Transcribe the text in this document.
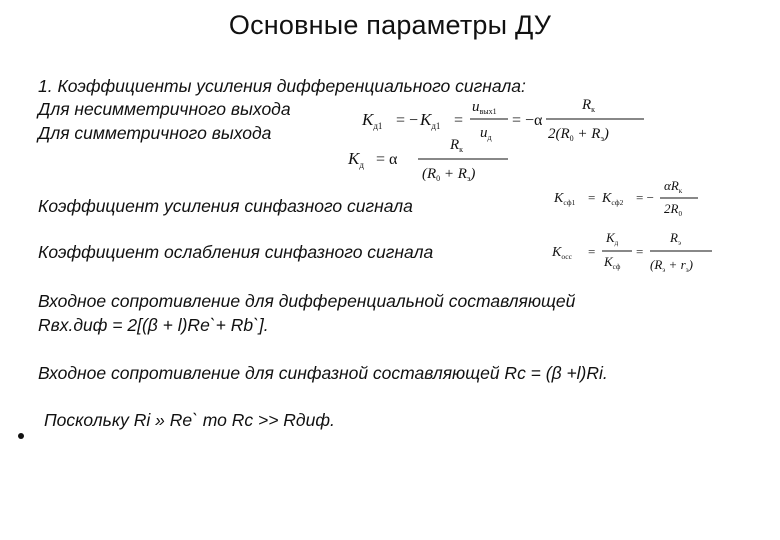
Основные параметры ДУ
1. Коэффициенты усиления дифференциального сигнала:
Для несимметричного выхода
Для симметричного выхода
Коэффициент усиления синфазного сигнала
Коэффициент ослабления синфазного сигнала
Входное сопротивление для дифференциальной составляющей
Rвх.диф = 2[(β + l)Re`+ Rb`].
Входное сопротивление для синфазной составляющей Rc = (β +l)Ri.
Поскольку Ri » Re` то Rc >> Rдиф.
$K_{д1}$ = − $K_{д1}$ =
$u_{вых1}$
$u_д$
= −α
$R_к$
$2(R_0 + R_э)$
$K_д = \alpha$
$R_к$
$(R_0 + R_э)$
$K_{сф1} = K_{сф2}$ = −
$\alpha R_к$
$2R_0$
$K_{осс}$ =
$K_д$
$K_{сф}$
=
$R_э$
$(R_э + r_э)$
